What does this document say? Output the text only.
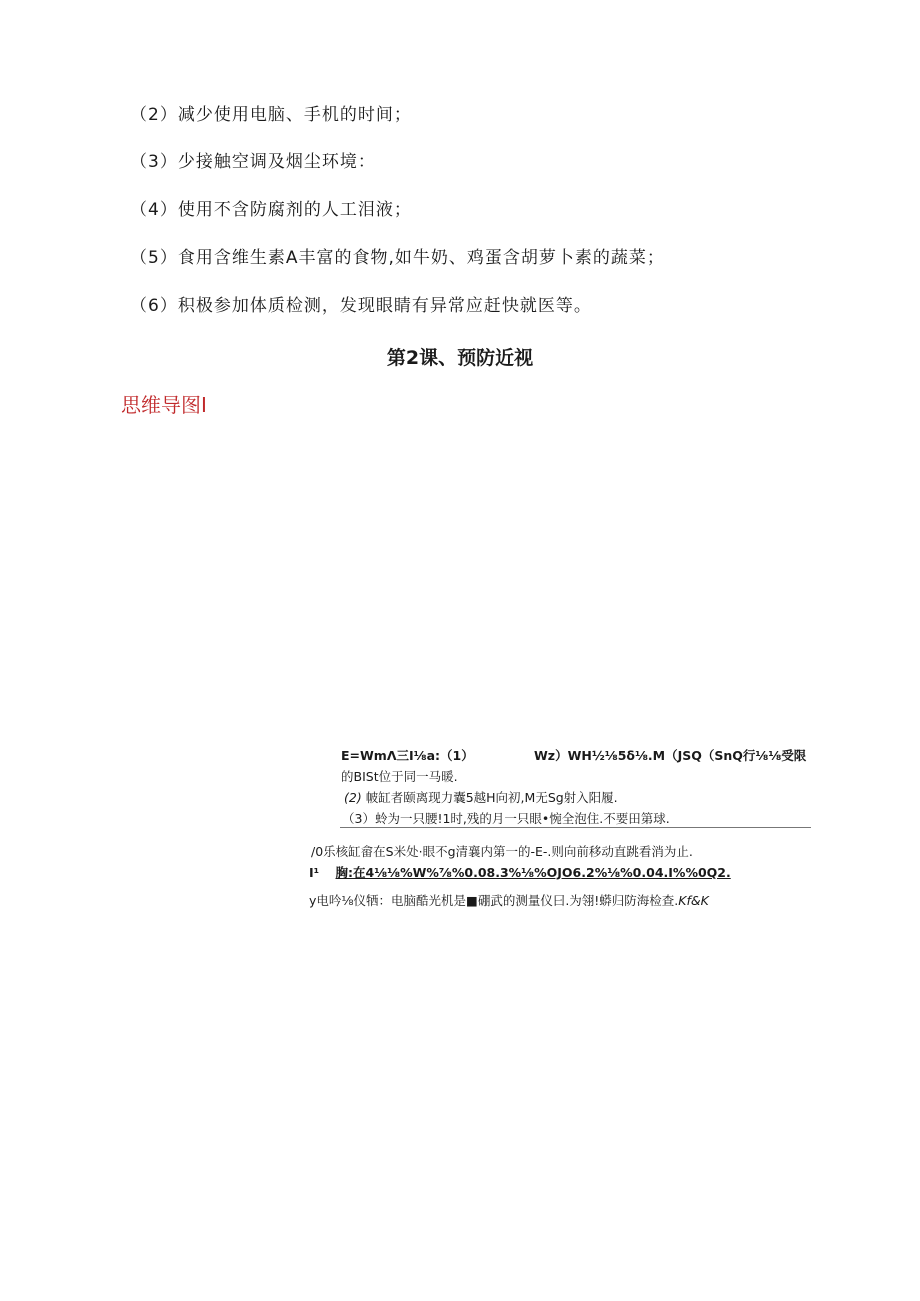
（2）减少使用电脑、手机的时间；
（3）少接触空调及烟尘环境：
（4）使用不含防腐剂的人工泪液；
（5）食用含维生素A丰富的食物,如牛奶、鸡蛋含胡萝卜素的蔬菜；
（6）积极参加体质检测，发现眼睛有异常应赶快就医等。
第2课、预防近视
思维导图I
E=WmΛ三I⅛a:（1）	Wz）WH½⅛5δ⅛.M（JSQ（SnQ行⅛⅛受限
的BISt位于同一马暖.
(2) 帔缸者颐离现力囊5越H向初,M无Sg射入阳履.
（3）蛉为一只腰!1时,残的月一只眼•惋全泡住.不要田第球.
/0乐核缸畲在S米处·眼不g清襄内第一的-E-.则向前移动直跳看消为止.
I¹ 胸:在4⅛⅛%W%⅞%0.08.3%⅛%OJO6.2%⅛%0.04.I%%0Q2.
y电吟⅛仪牺：电脑酷光机是■硼武的测量仪曰.为翎!蟒归防海检查.Kf&K
